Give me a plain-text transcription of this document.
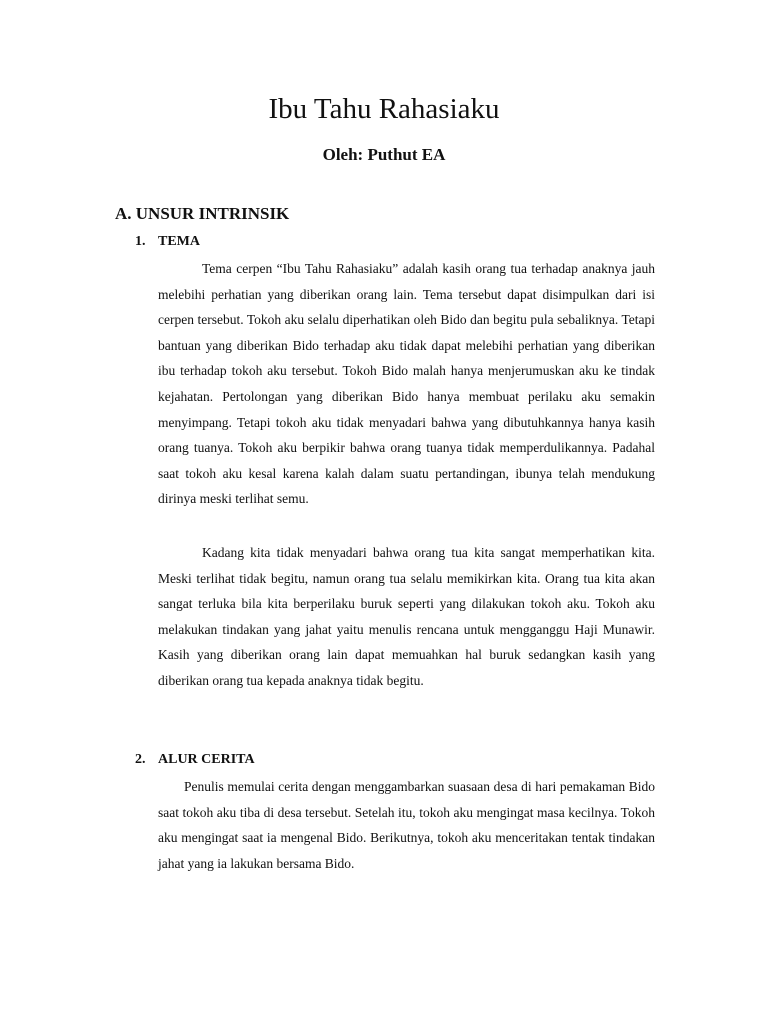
Ibu Tahu Rahasiaku
Oleh: Puthut EA
A. UNSUR INTRINSIK
1. TEMA

Tema cerpen “Ibu Tahu Rahasiaku” adalah kasih orang tua terhadap anaknya jauh melebihi perhatian yang diberikan orang lain. Tema tersebut dapat disimpulkan dari isi cerpen tersebut. Tokoh aku selalu diperhatikan oleh Bido dan begitu pula sebaliknya. Tetapi bantuan yang diberikan Bido terhadap aku tidak dapat melebihi perhatian yang diberikan ibu terhadap tokoh aku tersebut. Tokoh Bido malah hanya menjerumuskan aku ke tindak kejahatan. Pertolongan yang diberikan Bido hanya membuat perilaku aku semakin menyimpang. Tetapi tokoh aku tidak menyadari bahwa yang dibutuhkannya hanya kasih orang tuanya. Tokoh aku berpikir bahwa orang tuanya tidak memperdulikannya. Padahal saat tokoh aku kesal karena kalah dalam suatu pertandingan, ibunya telah mendukung dirinya meski terlihat semu.

Kadang kita tidak menyadari bahwa orang tua kita sangat memperhatikan kita. Meski terlihat tidak begitu, namun orang tua selalu memikirkan kita. Orang tua kita akan sangat terluka bila kita berperilaku buruk seperti yang dilakukan tokoh aku. Tokoh aku melakukan tindakan yang jahat yaitu menulis rencana untuk mengganggu Haji Munawir. Kasih yang diberikan orang lain dapat memuahkan hal buruk sedangkan kasih yang diberikan orang tua kepada anaknya tidak begitu.

2. ALUR CERITA

Penulis memulai cerita dengan menggambarkan suasaan desa di hari pemakaman Bido saat tokoh aku tiba di desa tersebut. Setelah itu, tokoh aku mengingat masa kecilnya. Tokoh aku mengingat saat ia mengenal Bido. Berikutnya, tokoh aku menceritakan tentak tindakan jahat yang ia lakukan bersama Bido.
